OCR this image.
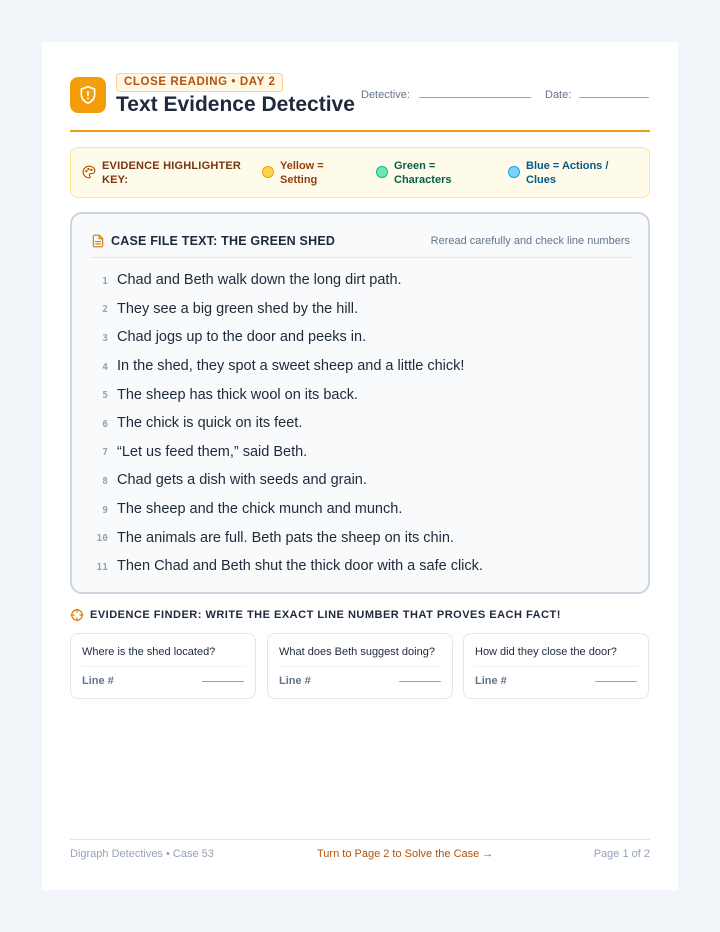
CLOSE READING • DAY 2
Text Evidence Detective Detective:	Date:
EVIDENCE HIGHLIGHTER KEY:
Yellow = Setting
Green = Characters
Blue = Actions / Clues
CASE FILE TEXT: THE GREEN SHED	Reread carefully and check line numbers
1 Chad and Beth walk down the long dirt path.
2 They see a big green shed by the hill.
3 Chad jogs up to the door and peeks in.
4 In the shed, they spot a sweet sheep and a little chick!
5 The sheep has thick wool on its back.
6 The chick is quick on its feet.
7 “Let us feed them,” said Beth.
8 Chad gets a dish with seeds and grain.
9 The sheep and the chick munch and munch.
10 The animals are full. Beth pats the sheep on its chin.
11 Then Chad and Beth shut the thick door with a safe click.
EVIDENCE FINDER: WRITE THE EXACT LINE NUMBER THAT PROVES EACH FACT!
Where is the shed located?
Line #
What does Beth suggest doing?
Line #
How did they close the door?
Line #
Digraph Detectives • Case 53	Turn to Page 2 to Solve the Case →	Page 1 of 2
